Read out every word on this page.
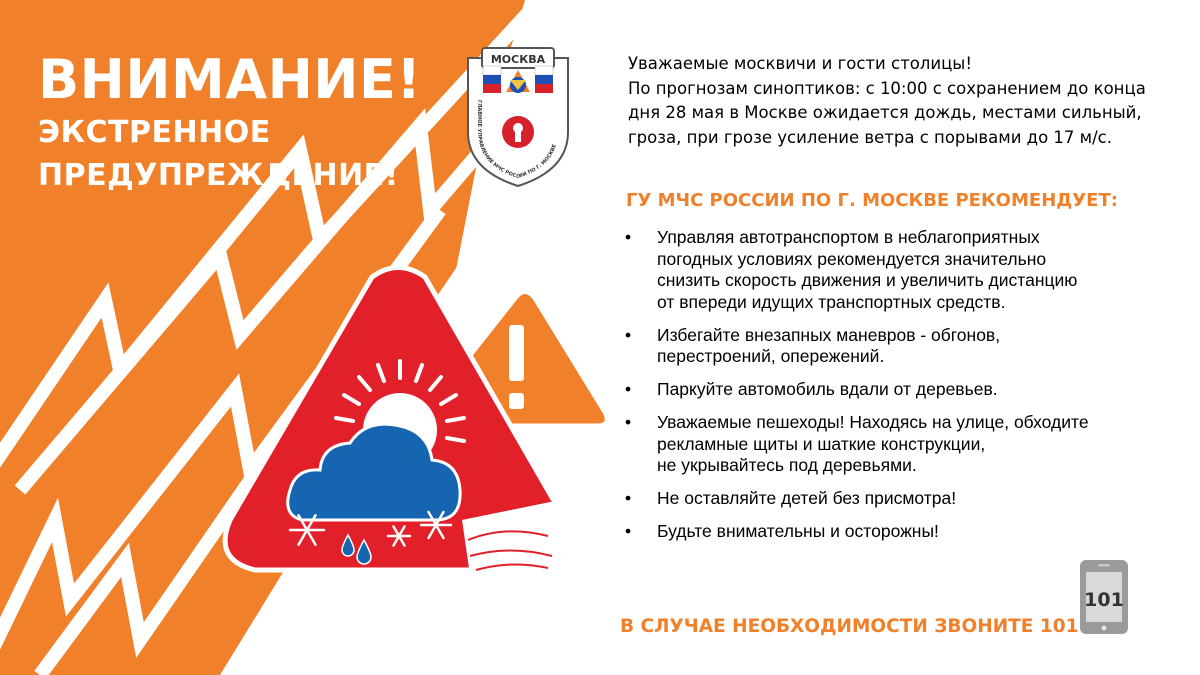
МОСКВА
ГЛАВНОЕ УПРАВЛЕНИЕ МЧС РОССИИ ПО Г. МОСКВЕ
101
ВНИМАНИЕ!
ЭКСТРЕННОЕ
ПРЕДУПРЕЖДЕНИЕ!

Уважаемые москвичи и гости столицы!

По прогнозам синоптиков: с 10:00 с сохранением до конца дня 28 мая в Москве ожидается дождь, местами сильный, гроза, при грозе усиление ветра с порывами до 17 м/с.

ГУ МЧС РОССИИ ПО Г. МОСКВЕ РЕКОМЕНДУЕТ:
• Управляя автотранспортом в неблагоприятных погодных условиях рекомендуется значительно снизить скорость движения и увеличить дистанцию от впереди идущих транспортных средств.
• Избегайте внезапных маневров - обгонов, перестроений, опережений.
• Паркуйте автомобиль вдали от деревьев.
• Уважаемые пешеходы! Находясь на улице, обходите рекламные щиты и шаткие конструкции,
не укрывайтесь под деревьями.
• Не оставляйте детей без присмотра!
• Будьте внимательны и осторожны!

В СЛУЧАЕ НЕОБХОДИМОСТИ ЗВОНИТЕ 101
